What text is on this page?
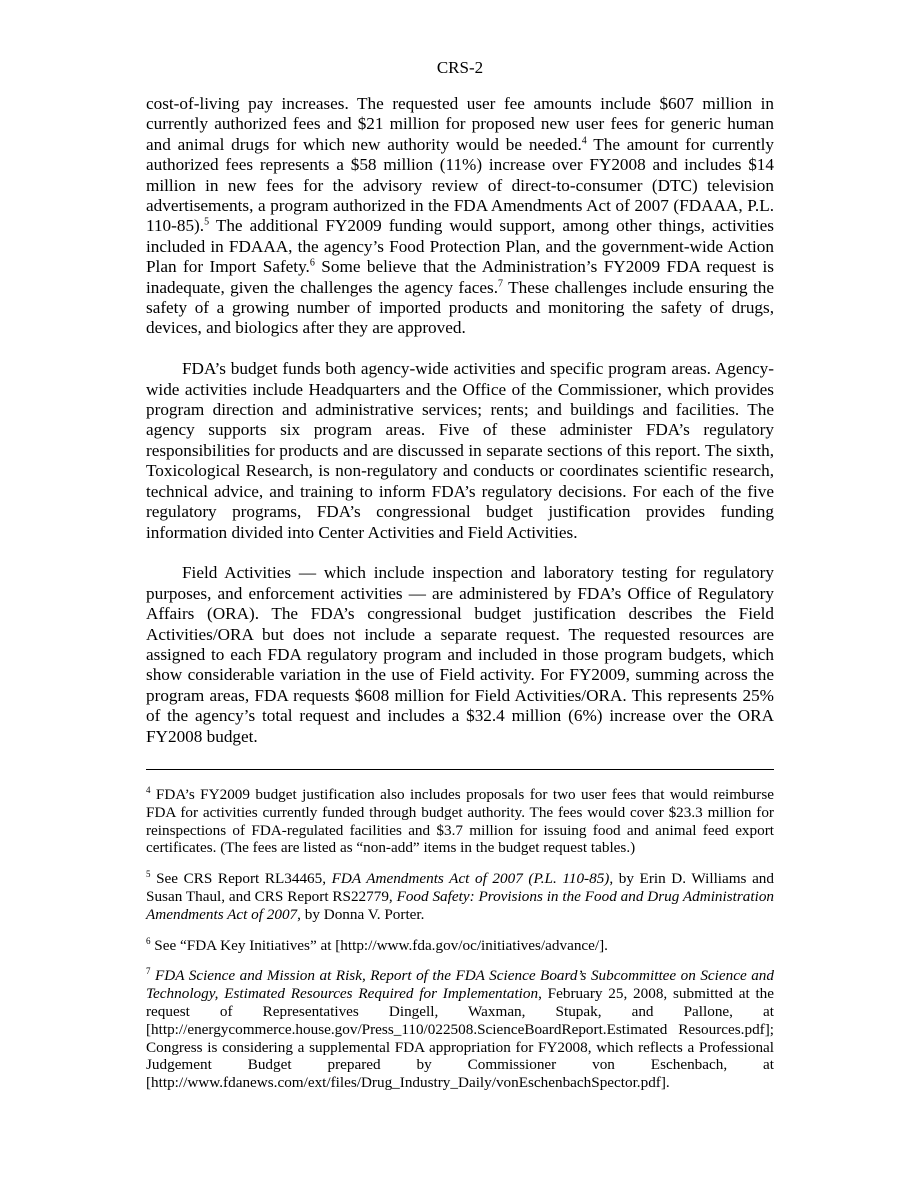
CRS-2

cost-of-living pay increases. The requested user fee amounts include $607 million in currently authorized fees and $21 million for proposed new user fees for generic human and animal drugs for which new authority would be needed.$^4$ The amount for currently authorized fees represents a $58 million (11%) increase over FY2008 and includes $14 million in new fees for the advisory review of direct-to-consumer (DTC) television advertisements, a program authorized in the FDA Amendments Act of 2007 (FDAAA, P.L. 110-85).$^5$ The additional FY2009 funding would support, among other things, activities included in FDAAA, the agency’s Food Protection Plan, and the government-wide Action Plan for Import Safety.$^6$ Some believe that the Administration’s FY2009 FDA request is inadequate, given the challenges the agency faces.$^7$ These challenges include ensuring the safety of a growing number of imported products and monitoring the safety of drugs, devices, and biologics after they are approved.

FDA’s budget funds both agency-wide activities and specific program areas. Agency-wide activities include Headquarters and the Office of the Commissioner, which provides program direction and administrative services; rents; and buildings and facilities. The agency supports six program areas. Five of these administer FDA’s regulatory responsibilities for products and are discussed in separate sections of this report. The sixth, Toxicological Research, is non-regulatory and conducts or coordinates scientific research, technical advice, and training to inform FDA’s regulatory decisions. For each of the five regulatory programs, FDA’s congressional budget justification provides funding information divided into Center Activities and Field Activities.

Field Activities — which include inspection and laboratory testing for regulatory purposes, and enforcement activities — are administered by FDA’s Office of Regulatory Affairs (ORA). The FDA’s congressional budget justification describes the Field Activities/ORA but does not include a separate request. The requested resources are assigned to each FDA regulatory program and included in those program budgets, which show considerable variation in the use of Field activity. For FY2009, summing across the program areas, FDA requests $608 million for Field Activities/ORA. This represents 25% of the agency’s total request and includes a $32.4 million (6%) increase over the ORA FY2008 budget.

$^4$ FDA’s FY2009 budget justification also includes proposals for two user fees that would reimburse FDA for activities currently funded through budget authority. The fees would cover $23.3 million for reinspections of FDA-regulated facilities and $3.7 million for issuing food and animal feed export certificates. (The fees are listed as “non-add” items in the budget request tables.)

$^5$ See CRS Report RL34465, FDA Amendments Act of 2007 (P.L. 110-85), by Erin D. Williams and Susan Thaul, and CRS Report RS22779, Food Safety: Provisions in the Food and Drug Administration Amendments Act of 2007, by Donna V. Porter.

$^6$ See “FDA Key Initiatives” at [http://www.fda.gov/oc/initiatives/advance/].

$^7$ FDA Science and Mission at Risk, Report of the FDA Science Board’s Subcommittee on Science and Technology, Estimated Resources Required for Implementation, February 25, 2008, submitted at the request of Representatives Dingell, Waxman, Stupak, and Pallone, at [http://energycommerce.house.gov/Press_110/022508.ScienceBoardReport.Estimated Resources.pdf]; Congress is considering a supplemental FDA appropriation for FY2008, which reflects a Professional Judgement Budget prepared by Commissioner von Eschenbach, at [http://www.fdanews.com/ext/files/Drug_Industry_Daily/vonEschenbachSpector.pdf].
